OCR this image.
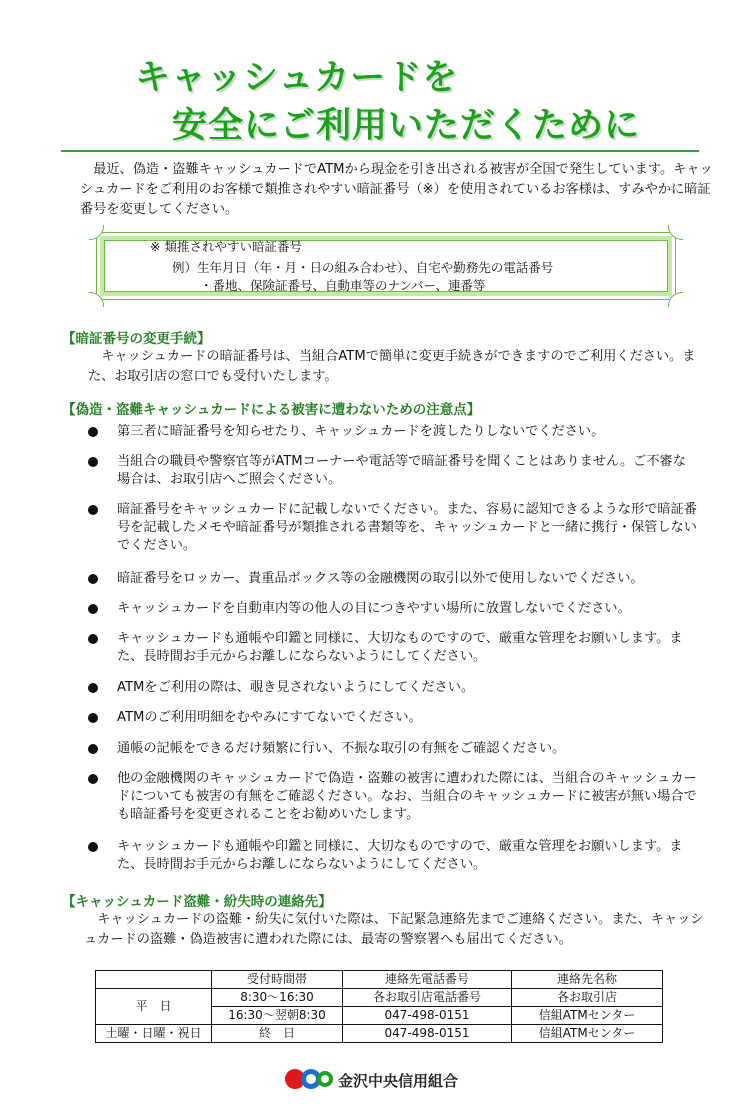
キャッシュカードを
安全にご利用いただくために
最近、偽造・盗難キャッシュカードでATMから現金を引き出される被害が全国で発生しています。キャッシュカードをご利用のお客様で類推されやすい暗証番号（※）を使用されているお客様は、すみやかに暗証番号を変更してください。
※ 類推されやすい暗証番号
例）生年月日（年・月・日の組み合わせ）、自宅や勤務先の電話番号
・番地、保険証番号、自動車等のナンバー、連番等
【暗証番号の変更手続】
キャッシュカードの暗証番号は、当組合ATMで簡単に変更手続きができますのでご利用ください。また、お取引店の窓口でも受付いたします。
【偽造・盗難キャッシュカードによる被害に遭わないための注意点】
第三者に暗証番号を知らせたり、キャッシュカードを渡したりしないでください。
当組合の職員や警察官等がATMコーナーや電話等で暗証番号を聞くことはありません。ご不審な場合は、お取引店へご照会ください。
暗証番号をキャッシュカードに記載しないでください。また、容易に認知できるような形で暗証番号を記載したメモや暗証番号が類推される書類等を、キャッシュカードと一緒に携行・保管しないでください。
暗証番号をロッカー、貴重品ボックス等の金融機関の取引以外で使用しないでください。
キャッシュカードを自動車内等の他人の目につきやすい場所に放置しないでください。
キャッシュカードも通帳や印鑑と同様に、大切なものですので、厳重な管理をお願いします。また、長時間お手元からお離しにならないようにしてください。
ATMをご利用の際は、覗き見されないようにしてください。
ATMのご利用明細をむやみにすてないでください。
通帳の記帳をできるだけ頻繁に行い、不振な取引の有無をご確認ください。
他の金融機関のキャッシュカードで偽造・盗難の被害に遭われた際には、当組合のキャッシュカードについても被害の有無をご確認ください。なお、当組合のキャッシュカードに被害が無い場合でも暗証番号を変更されることをお勧めいたします。
キャッシュカードも通帳や印鑑と同様に、大切なものですので、厳重な管理をお願いします。また、長時間お手元からお離しにならないようにしてください。
【キャッシュカード盗難・紛失時の連絡先】
キャッシュカードの盗難・紛失に気付いた際は、下記緊急連絡先までご連絡ください。また、キャッシュカードの盗難・偽造被害に遭われた際には、最寄の警察署へも届出てください。
	受付時間帯	連絡先電話番号	連絡先名称
平　日	8:30～16:30	各お取引店電話番号	各お取引店
	16:30～翌朝8:30	047-498-0151	信組ATMセンター
土曜・日曜・祝日	終　日	047-498-0151	信組ATMセンター
金沢中央信用組合
